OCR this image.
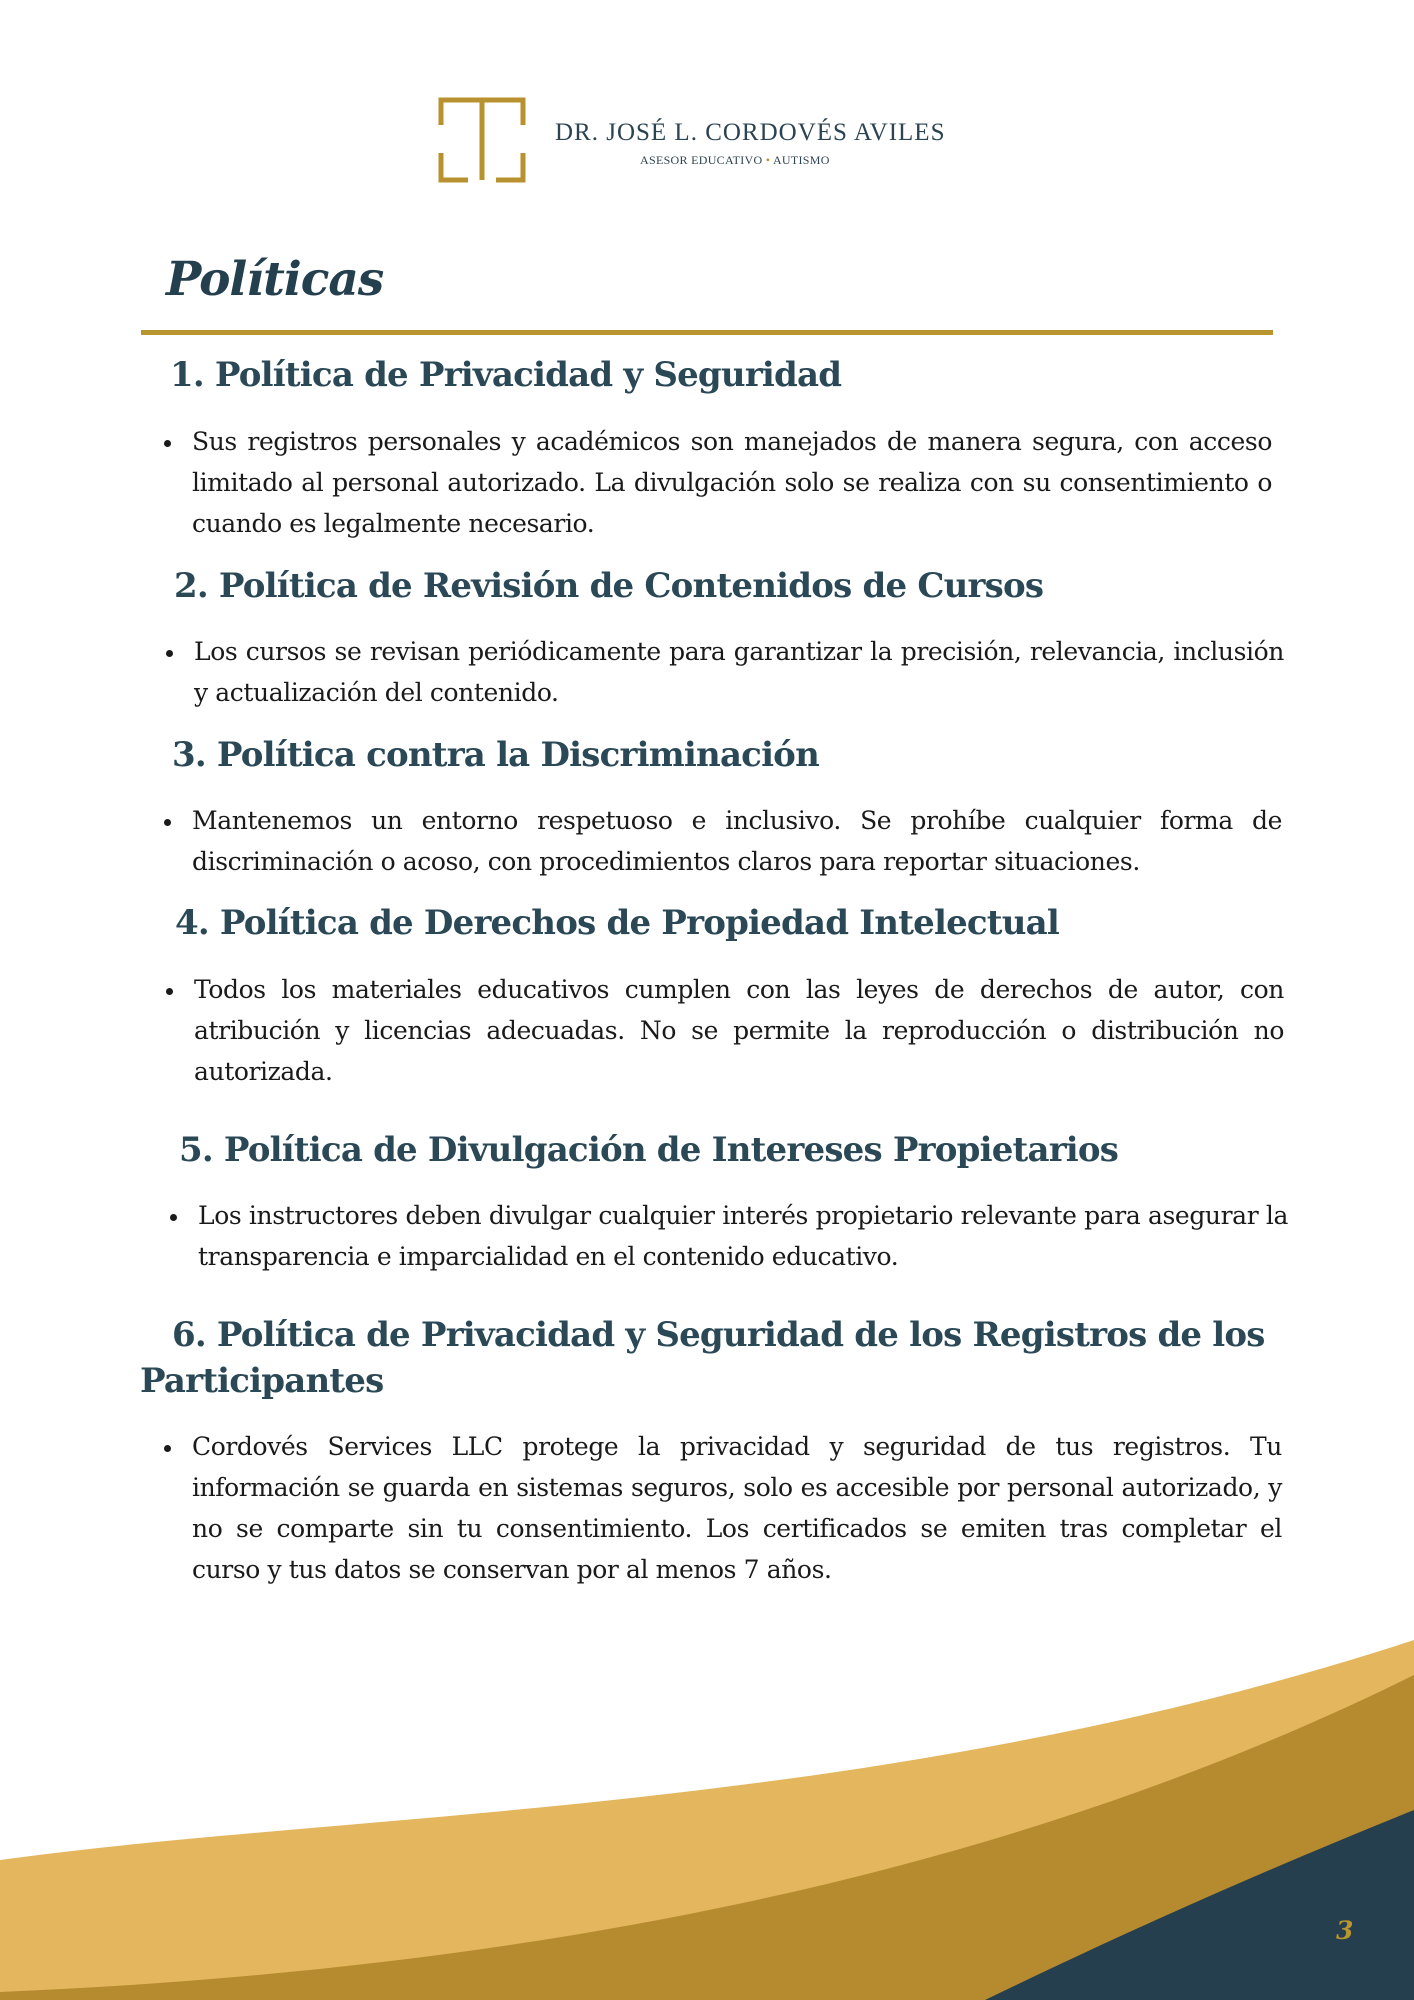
DR. JOSÉ L. CORDOVÉS AVILES
ASESOR EDUCATIVO • AUTISMO
Políticas
1. Política de Privacidad y Seguridad

Sus registros personales y académicos son manejados de manera segura, con acceso limitado al personal autorizado. La divulgación solo se realiza con su consentimiento o cuando es legalmente necesario.

2. Política de Revisión de Contenidos de Cursos

Los cursos se revisan periódicamente para garantizar la precisión, relevancia, inclusión y actualización del contenido.

3. Política contra la Discriminación

Mantenemos un entorno respetuoso e inclusivo. Se prohíbe cualquier forma de discriminación o acoso, con procedimientos claros para reportar situaciones.

4. Política de Derechos de Propiedad Intelectual

Todos los materiales educativos cumplen con las leyes de derechos de autor, con atribución y licencias adecuadas. No se permite la reproducción o distribución no autorizada.

5. Política de Divulgación de Intereses Propietarios

Los instructores deben divulgar cualquier interés propietario relevante para asegurar la transparencia e imparcialidad en el contenido educativo.

6. Política de Privacidad y Seguridad de los Registros de los
Participantes

Cordovés Services LLC protege la privacidad y seguridad de tus registros. Tu información se guarda en sistemas seguros, solo es accesible por personal autorizado, y no se comparte sin tu consentimiento. Los certificados se emiten tras completar el curso y tus datos se conservan por al menos 7 años.

3
